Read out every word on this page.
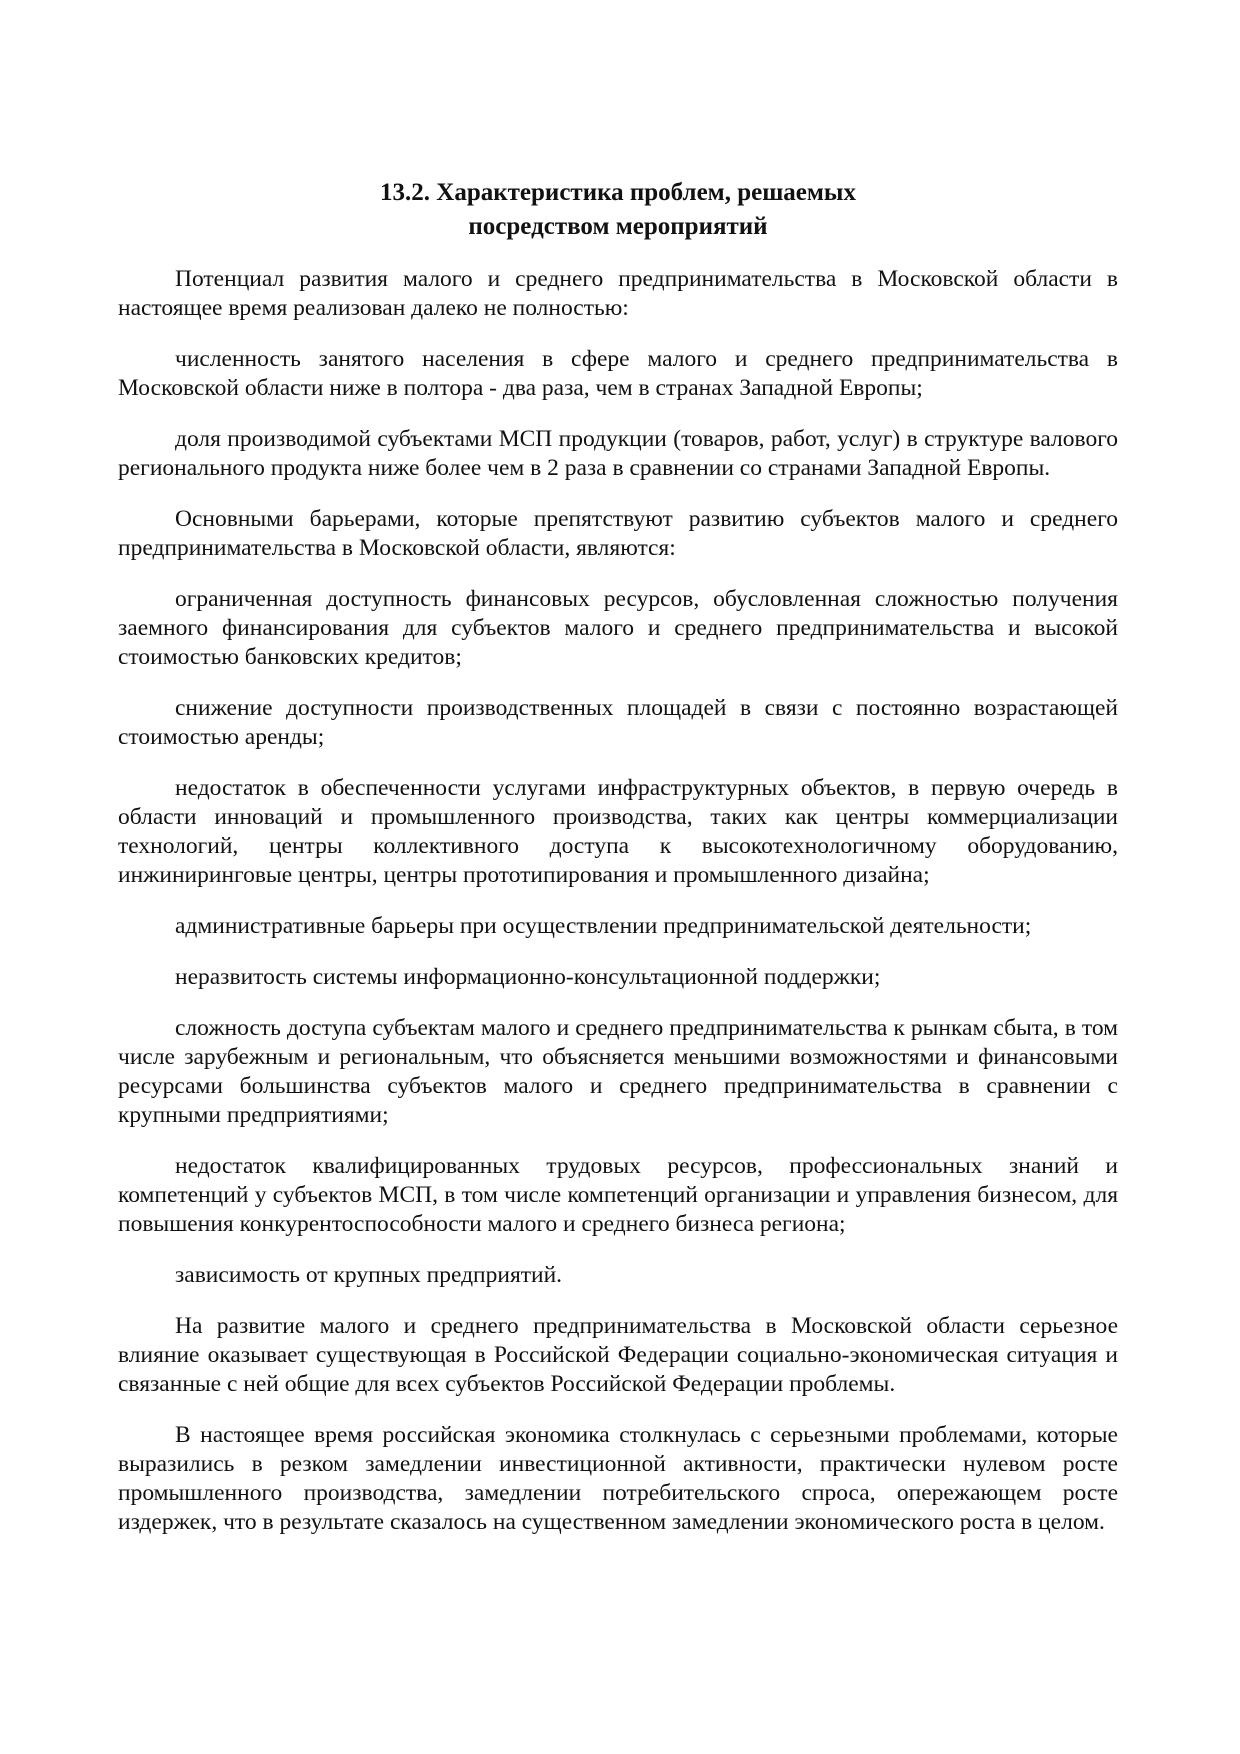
13.2. Характеристика проблем, решаемых
посредством мероприятий

Потенциал развития малого и среднего предпринимательства в Московской области в настоящее время реализован далеко не полностью:

численность занятого населения в сфере малого и среднего предпринимательства в Московской области ниже в полтора - два раза, чем в странах Западной Европы;

доля производимой субъектами МСП продукции (товаров, работ, услуг) в структуре валового регионального продукта ниже более чем в 2 раза в сравнении со странами Западной Европы.

Основными барьерами, которые препятствуют развитию субъектов малого и среднего предпринимательства в Московской области, являются:

ограниченная доступность финансовых ресурсов, обусловленная сложностью получения заемного финансирования для субъектов малого и среднего предпринимательства и высокой стоимостью банковских кредитов;

снижение доступности производственных площадей в связи с постоянно возрастающей стоимостью аренды;

недостаток в обеспеченности услугами инфраструктурных объектов, в первую очередь в области инноваций и промышленного производства, таких как центры коммерциализации технологий, центры коллективного доступа к высокотехнологичному оборудованию, инжиниринговые центры, центры прототипирования и промышленного дизайна;

административные барьеры при осуществлении предпринимательской деятельности;

неразвитость системы информационно-консультационной поддержки;

сложность доступа субъектам малого и среднего предпринимательства к рынкам сбыта, в том числе зарубежным и региональным, что объясняется меньшими возможностями и финансовыми ресурсами большинства субъектов малого и среднего предпринимательства в сравнении с крупными предприятиями;

недостаток квалифицированных трудовых ресурсов, профессиональных знаний и компетенций у субъектов МСП, в том числе компетенций организации и управления бизнесом, для повышения конкурентоспособности малого и среднего бизнеса региона;

зависимость от крупных предприятий.

На развитие малого и среднего предпринимательства в Московской области серьезное влияние оказывает существующая в Российской Федерации социально-экономическая ситуация и связанные с ней общие для всех субъектов Российской Федерации проблемы.

В настоящее время российская экономика столкнулась с серьезными проблемами, которые выразились в резком замедлении инвестиционной активности, практически нулевом росте промышленного производства, замедлении потребительского спроса, опережающем росте издержек, что в результате сказалось на существенном замедлении экономического роста в целом.
